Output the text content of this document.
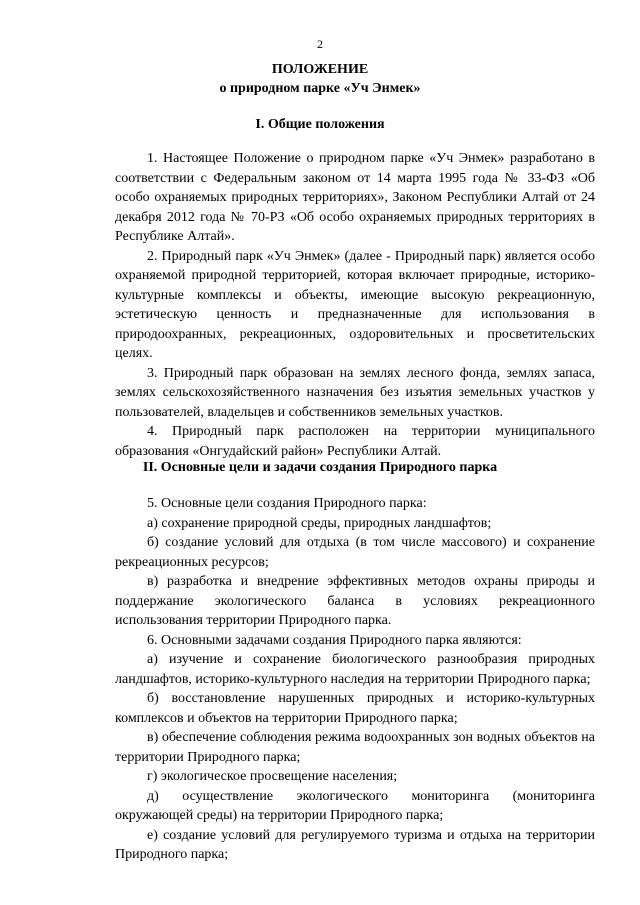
2
ПОЛОЖЕНИЕ
о природном парке «Уч Энмек»
I. Общие положения

1. Настоящее Положение о природном парке «Уч Энмек» разработано в соответствии с Федеральным законом от 14 марта 1995 года № 33-ФЗ «Об особо охраняемых природных территориях», Законом Республики Алтай от 24 декабря 2012 года № 70-РЗ «Об особо охраняемых природных территориях в Республике Алтай».

2. Природный парк «Уч Энмек» (далее - Природный парк) является особо охраняемой природной территорией, которая включает природные, историко-культурные комплексы и объекты, имеющие высокую рекреационную, эстетическую ценность и предназначенные для использования в природоохранных, рекреационных, оздоровительных и просветительских целях.

3. Природный парк образован на землях лесного фонда, землях запаса, землях сельскохозяйственного назначения без изъятия земельных участков у пользователей, владельцев и собственников земельных участков.

4. Природный парк расположен на территории муниципального образования «Онгудайский район» Республики Алтай.

II. Основные цели и задачи создания Природного парка

5. Основные цели создания Природного парка:

а) сохранение природной среды, природных ландшафтов;

б) создание условий для отдыха (в том числе массового) и сохранение рекреационных ресурсов;

в) разработка и внедрение эффективных методов охраны природы и поддержание экологического баланса в условиях рекреационного использования территории Природного парка.

6. Основными задачами создания Природного парка являются:

а) изучение и сохранение биологического разнообразия природных ландшафтов, историко-культурного наследия на территории Природного парка;

б) восстановление нарушенных природных и историко-культурных комплексов и объектов на территории Природного парка;

в) обеспечение соблюдения режима водоохранных зон водных объектов на территории Природного парка;

г) экологическое просвещение населения;

д) осуществление экологического мониторинга (мониторинга окружающей среды) на территории Природного парка;

е) создание условий для регулируемого туризма и отдыха на территории Природного парка;
